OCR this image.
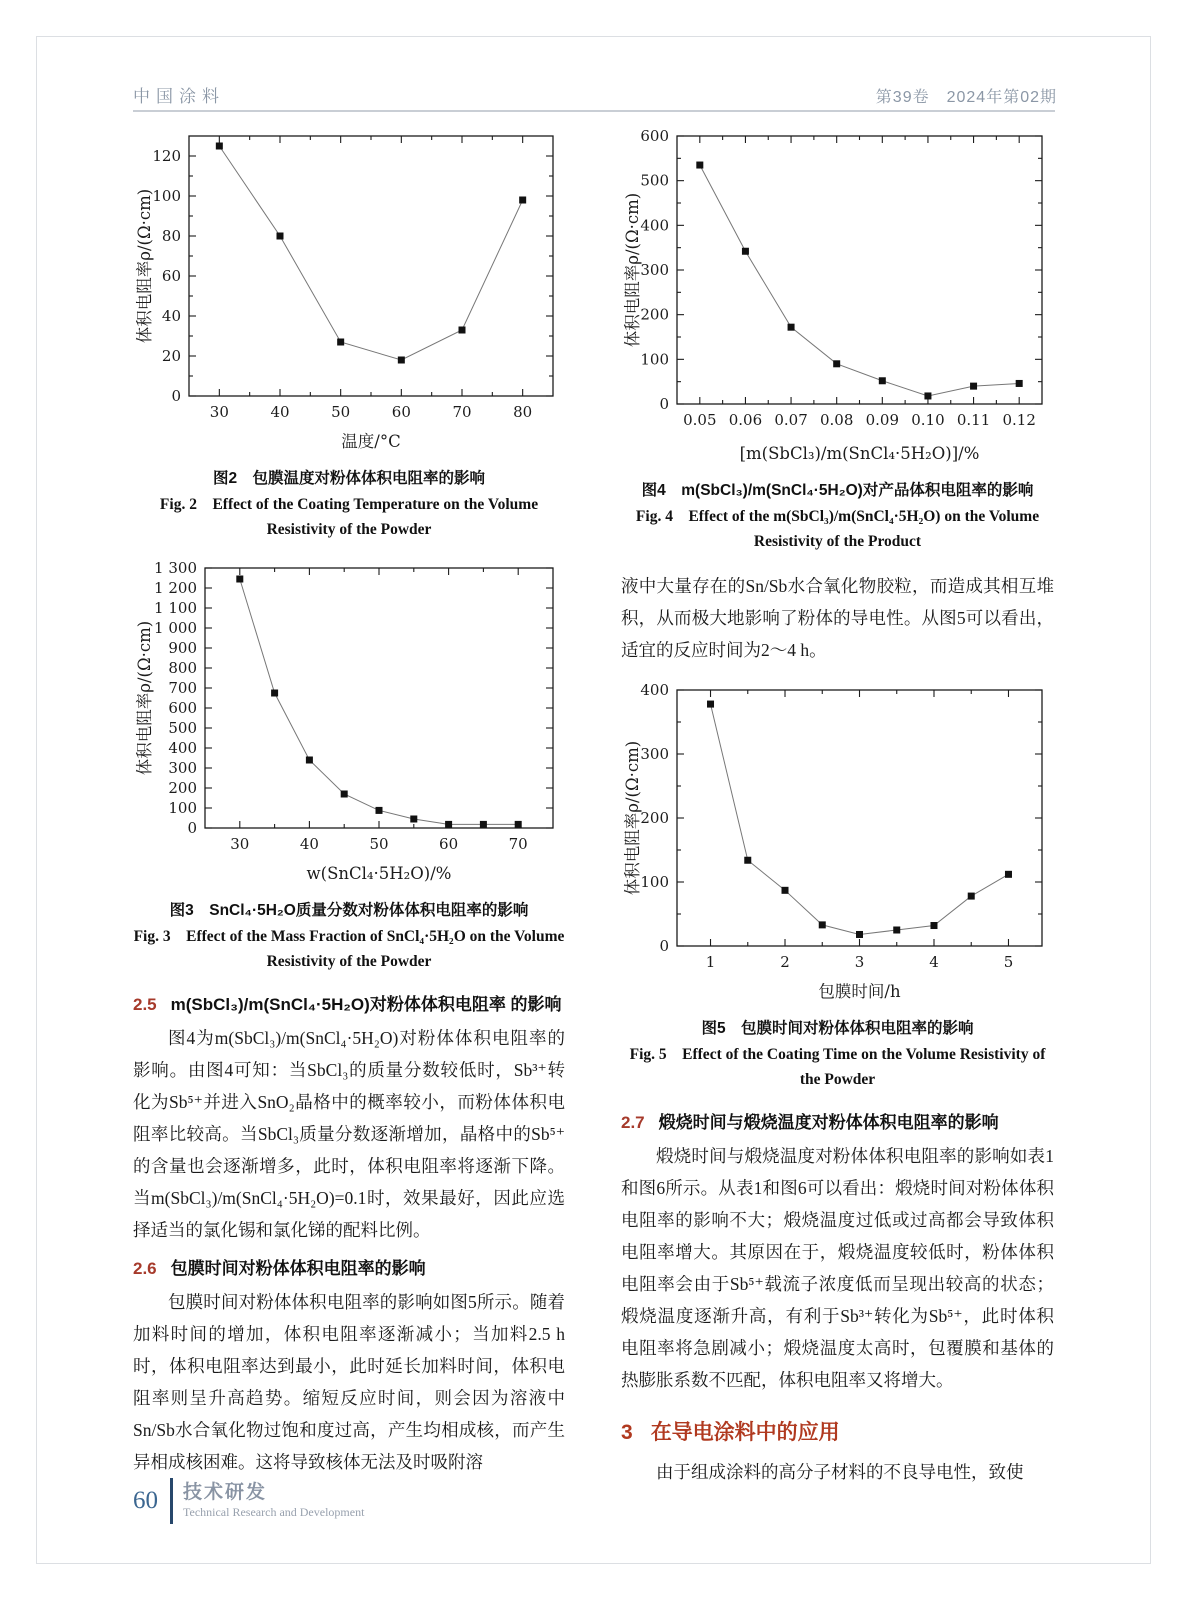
中国涂料	第39卷　2024年第02期
30	40	50	60	70	80
0
20
40
60
80
100
120
温度/°C
体积电阻率ρ/(Ω·cm)
图2　包膜温度对粉体体积电阻率的影响
Fig. 2　Effect of the Coating Temperature on the Volume Resistivity of the Powder
30	40	50	60	70
0
100
200
300
400
500
600
700
800
900
1 000
1 100
1 200
1 300
w(SnCl₄·5H₂O)/%
体积电阻率ρ/(Ω·cm)
图3　SnCl₄·5H₂O质量分数对粉体体积电阻率的影响
Fig. 3　Effect of the Mass Fraction of SnCl₄·5H₂O on the Volume Resistivity of the Powder
2.5 m(SbCl₃)/m(SnCl₄·5H₂O)对粉体体积电阻率 的影响

图4为m(SbCl₃)/m(SnCl₄·5H₂O)对粉体体积电阻率的影响。由图4可知：当SbCl₃的质量分数较低时，Sb³⁺转化为Sb⁵⁺并进入SnO₂晶格中的概率较小，而粉体体积电阻率比较高。当SbCl₃质量分数逐渐增加，晶格中的Sb⁵⁺的含量也会逐渐增多，此时，体积电阻率将逐渐下降。当m(SbCl₃)/m(SnCl₄·5H₂O)=0.1时，效果最好，因此应选择适当的氯化锡和氯化锑的配料比例。

2.6 包膜时间对粉体体积电阻率的影响

包膜时间对粉体体积电阻率的影响如图5所示。随着加料时间的增加，体积电阻率逐渐减小；当加料2.5 h时，体积电阻率达到最小，此时延长加料时间，体积电阻率则呈升高趋势。缩短反应时间，则会因为溶液中Sn/Sb水合氧化物过饱和度过高，产生均相成核，而产生异相成核困难。这将导致核体无法及时吸附溶

0.05 0.06 0.07 0.08 0.09 0.10 0.11 0.12
0
100
200
300
400
500
600
[m(SbCl₃)/m(SnCl₄·5H₂O)]/%
体积电阻率ρ/(Ω·cm)
图4　m(SbCl₃)/m(SnCl₄·5H₂O)对产品体积电阻率的影响
Fig. 4　Effect of the m(SbCl₃)/m(SnCl₄·5H₂O) on the Volume Resistivity of the Product

液中大量存在的Sn/Sb水合氧化物胶粒，而造成其相互堆积，从而极大地影响了粉体的导电性。从图5可以看出，适宜的反应时间为2～4 h。

1	2	3	4	5
0
100
200
300
400
包膜时间/h
体积电阻率ρ/(Ω·cm)
图5　包膜时间对粉体体积电阻率的影响
Fig. 5　Effect of the Coating Time on the Volume Resistivity of the Powder
2.7 煅烧时间与煅烧温度对粉体体积电阻率的影响

煅烧时间与煅烧温度对粉体体积电阻率的影响如表1和图6所示。从表1和图6可以看出：煅烧时间对粉体体积电阻率的影响不大；煅烧温度过低或过高都会导致体积电阻率增大。其原因在于，煅烧温度较低时，粉体体积电阻率会由于Sb⁵⁺载流子浓度低而呈现出较高的状态；煅烧温度逐渐升高，有利于Sb³⁺转化为Sb⁵⁺，此时体积电阻率将急剧减小；煅烧温度太高时，包覆膜和基体的热膨胀系数不匹配，体积电阻率又将增大。

3 在导电涂料中的应用

由于组成涂料的高分子材料的不良导电性，致使

60 技术研发
Technical Research and Development
